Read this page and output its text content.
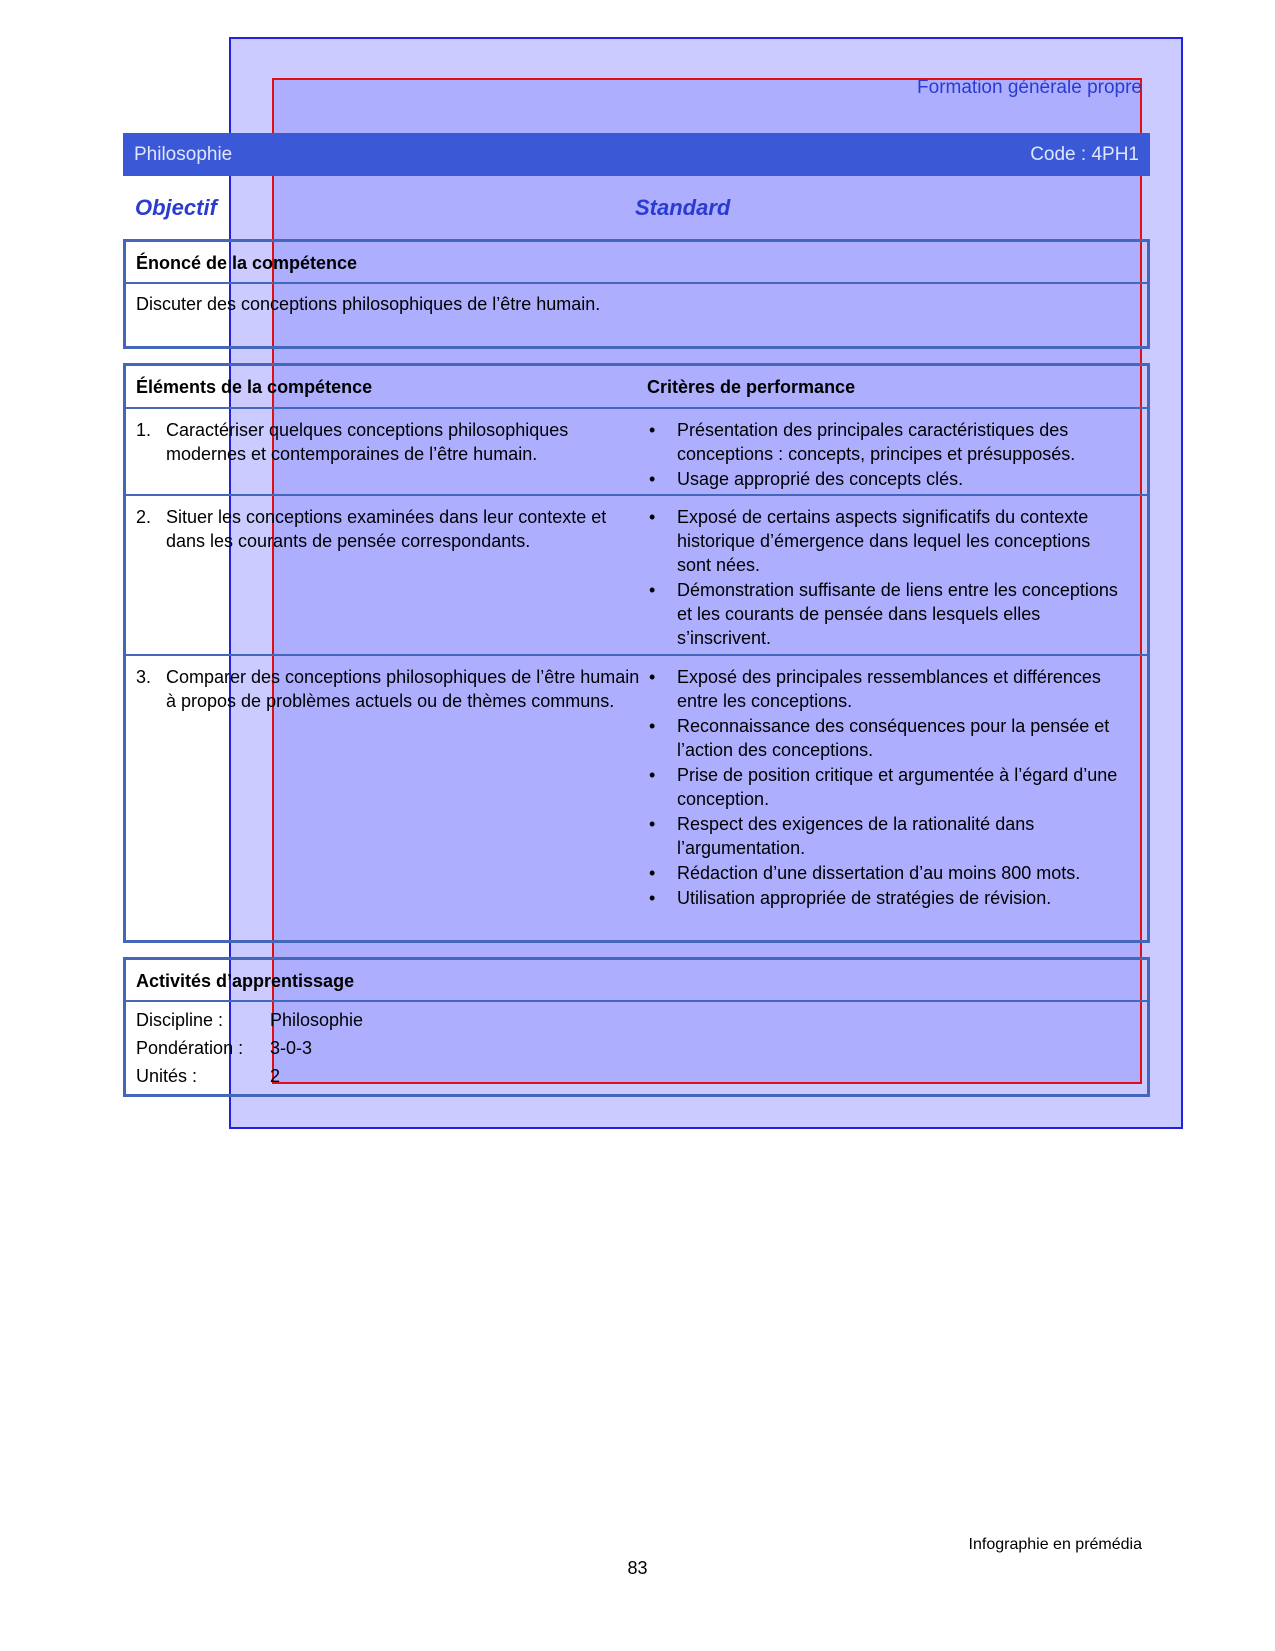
Formation générale propre
Philosophie	Code : 4PH1
Objectif	Standard
Énoncé de la compétence
Discuter des conceptions philosophiques de l’être humain.
Éléments de la compétence	Critères de performance
1. Caractériser quelques conceptions philosophiques modernes et contemporaines de l’être humain.
• Présentation des principales caractéristiques des conceptions : concepts, principes et présupposés.
• Usage approprié des concepts clés.
2. Situer les conceptions examinées dans leur contexte et dans les courants de pensée correspondants.
• Exposé de certains aspects significatifs du contexte historique d’émergence dans lequel les conceptions sont nées.
• Démonstration suffisante de liens entre les conceptions et les courants de pensée dans lesquels elles s’inscrivent.
3. Comparer des conceptions philosophiques de l’être humain à propos de problèmes actuels ou de thèmes communs.
• Exposé des principales ressemblances et différences entre les conceptions.
• Reconnaissance des conséquences pour la pensée et l’action des conceptions.
• Prise de position critique et argumentée à l’égard d’une conception.
• Respect des exigences de la rationalité dans l’argumentation.
• Rédaction d’une dissertation d’au moins 800 mots.
• Utilisation appropriée de stratégies de révision.
Activités d’apprentissage
Discipline :	Philosophie
Pondération : 3-0-3
Unités :	2
Infographie en prémédia
83
